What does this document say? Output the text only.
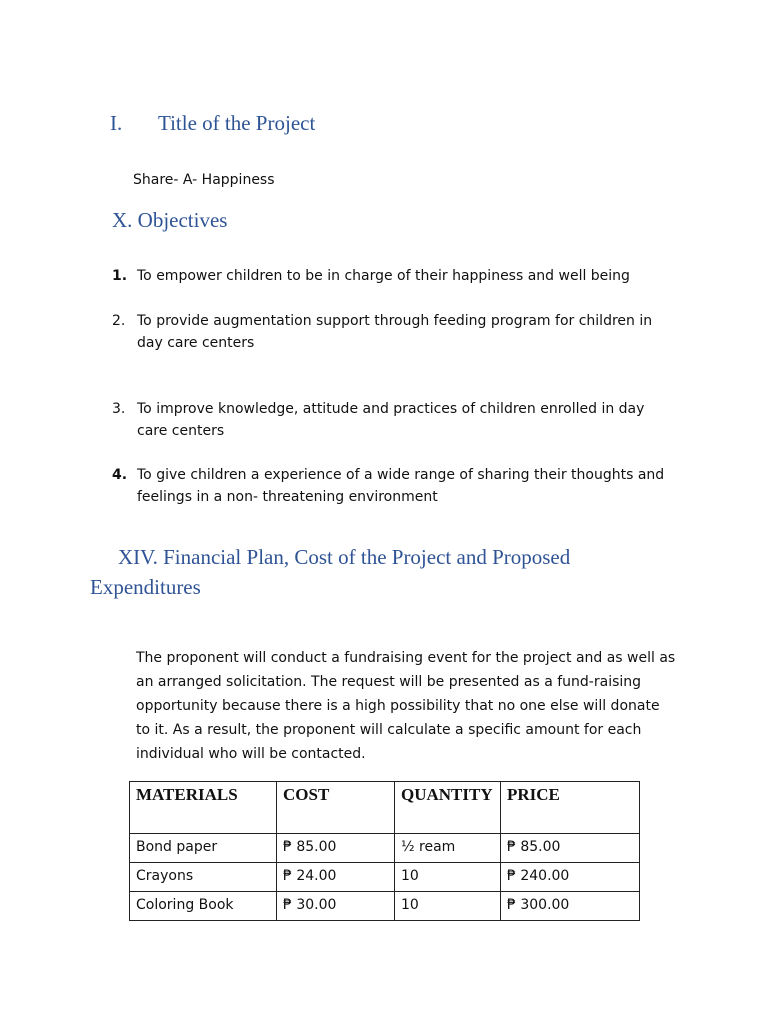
I. Title of the Project
Share- A- Happiness
X. Objectives
1. To empower children to be in charge of their happiness and well being
2. To provide augmentation support through feeding program for children in day care centers
3. To improve knowledge, attitude and practices of children enrolled in day care centers
4. To give children a experience of a wide range of sharing their thoughts and feelings in a non- threatening environment
XIV. Financial Plan, Cost of the Project and Proposed
Expenditures

The proponent will conduct a fundraising event for the project and as well as an arranged solicitation. The request will be presented as a fund-raising opportunity because there is a high possibility that no one else will donate to it. As a result, the proponent will calculate a specific amount for each individual who will be contacted.

MATERIALS	COST	QUANTITY	PRICE
Bond paper	₱ 85.00	½ ream	₱ 85.00
Crayons	₱ 24.00	10	₱ 240.00
Coloring Book	₱ 30.00	10	₱ 300.00
